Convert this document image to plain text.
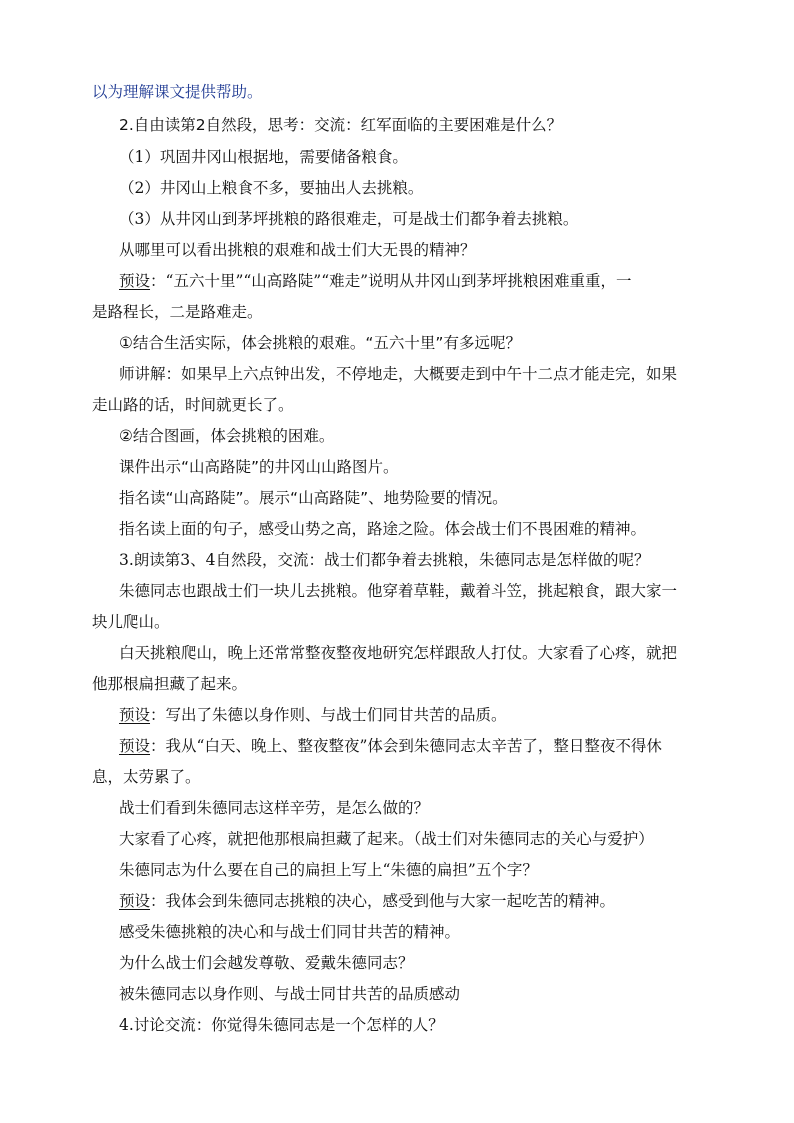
以为理解课文提供帮助。
2.自由读第2自然段，思考：交流：红军面临的主要困难是什么？
（1）巩固井冈山根据地，需要储备粮食。
（2）井冈山上粮食不多，要抽出人去挑粮。
（3）从井冈山到茅坪挑粮的路很难走，可是战士们都争着去挑粮。
从哪里可以看出挑粮的艰难和战士们大无畏的精神？
预设：“五六十里”“山高路陡”“难走”说明从井冈山到茅坪挑粮困难重重，一
是路程长，二是路难走。
①结合生活实际，体会挑粮的艰难。“五六十里”有多远呢？
师讲解：如果早上六点钟出发，不停地走，大概要走到中午十二点才能走完，如果
走山路的话，时间就更长了。
②结合图画，体会挑粮的困难。
课件出示“山高路陡”的井冈山山路图片。
指名读“山高路陡”。展示“山高路陡”、地势险要的情况。
指名读上面的句子，感受山势之高，路途之险。体会战士们不畏困难的精神。
3.朗读第3、4自然段，交流：战士们都争着去挑粮，朱德同志是怎样做的呢？
朱德同志也跟战士们一块儿去挑粮。他穿着草鞋，戴着斗笠，挑起粮食，跟大家一
块儿爬山。
白天挑粮爬山，晚上还常常整夜整夜地研究怎样跟敌人打仗。大家看了心疼，就把
他那根扁担藏了起来。
预设：写出了朱德以身作则、与战士们同甘共苦的品质。
预设：我从“白天、晚上、整夜整夜”体会到朱德同志太辛苦了，整日整夜不得休
息，太劳累了。
战士们看到朱德同志这样辛劳，是怎么做的？
大家看了心疼，就把他那根扁担藏了起来。（战士们对朱德同志的关心与爱护）
朱德同志为什么要在自己的扁担上写上“朱德的扁担”五个字？
预设：我体会到朱德同志挑粮的决心，感受到他与大家一起吃苦的精神。
感受朱德挑粮的决心和与战士们同甘共苦的精神。
为什么战士们会越发尊敬、爱戴朱德同志？
被朱德同志以身作则、与战士同甘共苦的品质感动
4.讨论交流：你觉得朱德同志是一个怎样的人？
